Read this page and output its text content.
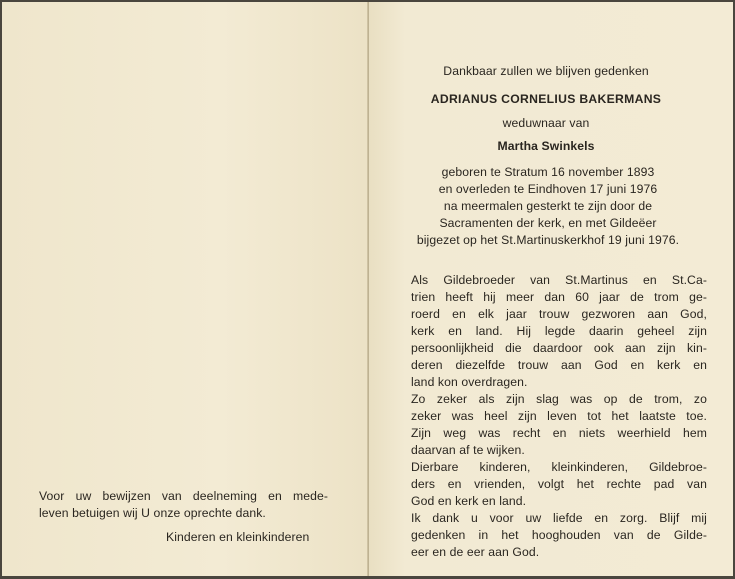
Voor uw bewijzen van deelneming en mede-
leven betuigen wij U onze oprechte dank.
Kinderen en kleinkinderen
Dankbaar zullen we blijven gedenken
ADRIANUS CORNELIUS BAKERMANS
weduwnaar van
Martha Swinkels
geboren te Stratum 16 november 1893
en overleden te Eindhoven 17 juni 1976
na meermalen gesterkt te zijn door de
Sacramenten der kerk, en met Gildeëer
bijgezet op het St.Martinuskerkhof 19 juni 1976.
Als Gildebroeder van St.Martinus en St.Ca-
trien heeft hij meer dan 60 jaar de trom ge-
roerd en elk jaar trouw gezworen aan God,
kerk en land. Hij legde daarin geheel zijn
persoonlijkheid die daardoor ook aan zijn kin-
deren diezelfde trouw aan God en kerk en
land kon overdragen.
Zo zeker als zijn slag was op de trom, zo
zeker was heel zijn leven tot het laatste toe.
Zijn weg was recht en niets weerhield hem
daarvan af te wijken.
Dierbare kinderen, kleinkinderen, Gildebroe-
ders en vrienden, volgt het rechte pad van
God en kerk en land.
Ik dank u voor uw liefde en zorg. Blijf mij
gedenken in het hooghouden van de Gilde-
eer en de eer aan God.
